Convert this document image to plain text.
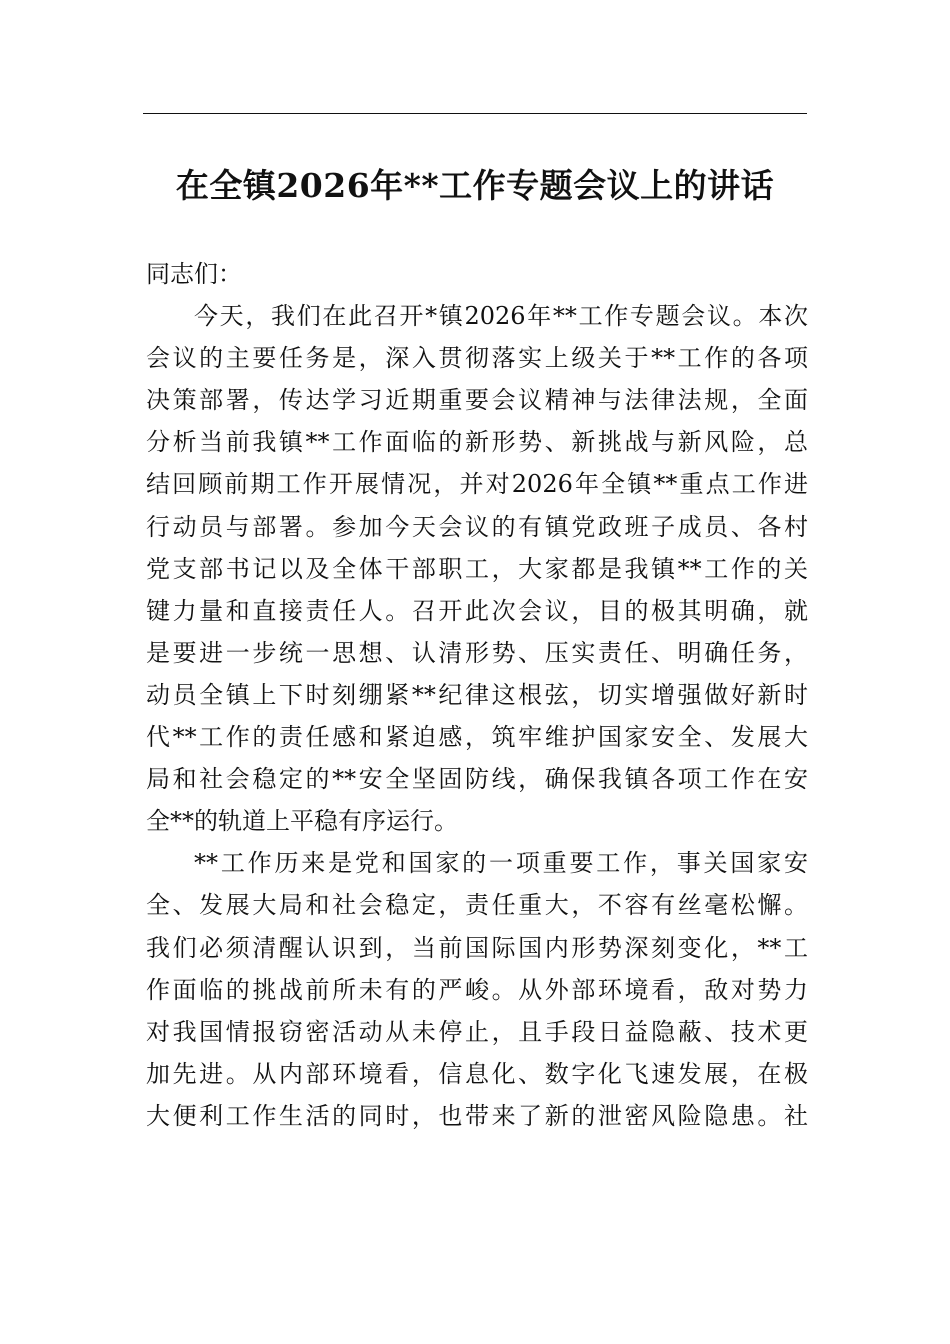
在全镇2026年**工作专题会议上的讲话
同志们：
今天，我们在此召开*镇2026年**工作专题会议。本次
会议的主要任务是，深入贯彻落实上级关于**工作的各项
决策部署，传达学习近期重要会议精神与法律法规，全面
分析当前我镇**工作面临的新形势、新挑战与新风险，总
结回顾前期工作开展情况，并对2026年全镇**重点工作进
行动员与部署。参加今天会议的有镇党政班子成员、各村
党支部书记以及全体干部职工，大家都是我镇**工作的关
键力量和直接责任人。召开此次会议，目的极其明确，就
是要进一步统一思想、认清形势、压实责任、明确任务，
动员全镇上下时刻绷紧**纪律这根弦，切实增强做好新时
代**工作的责任感和紧迫感，筑牢维护国家安全、发展大
局和社会稳定的**安全坚固防线，确保我镇各项工作在安
全**的轨道上平稳有序运行。
**工作历来是党和国家的一项重要工作，事关国家安
全、发展大局和社会稳定，责任重大，不容有丝毫松懈。
我们必须清醒认识到，当前国际国内形势深刻变化，**工
作面临的挑战前所未有的严峻。从外部环境看，敌对势力
对我国情报窃密活动从未停止，且手段日益隐蔽、技术更
加先进。从内部环境看，信息化、数字化飞速发展，在极
大便利工作生活的同时，也带来了新的泄密风险隐患。社
